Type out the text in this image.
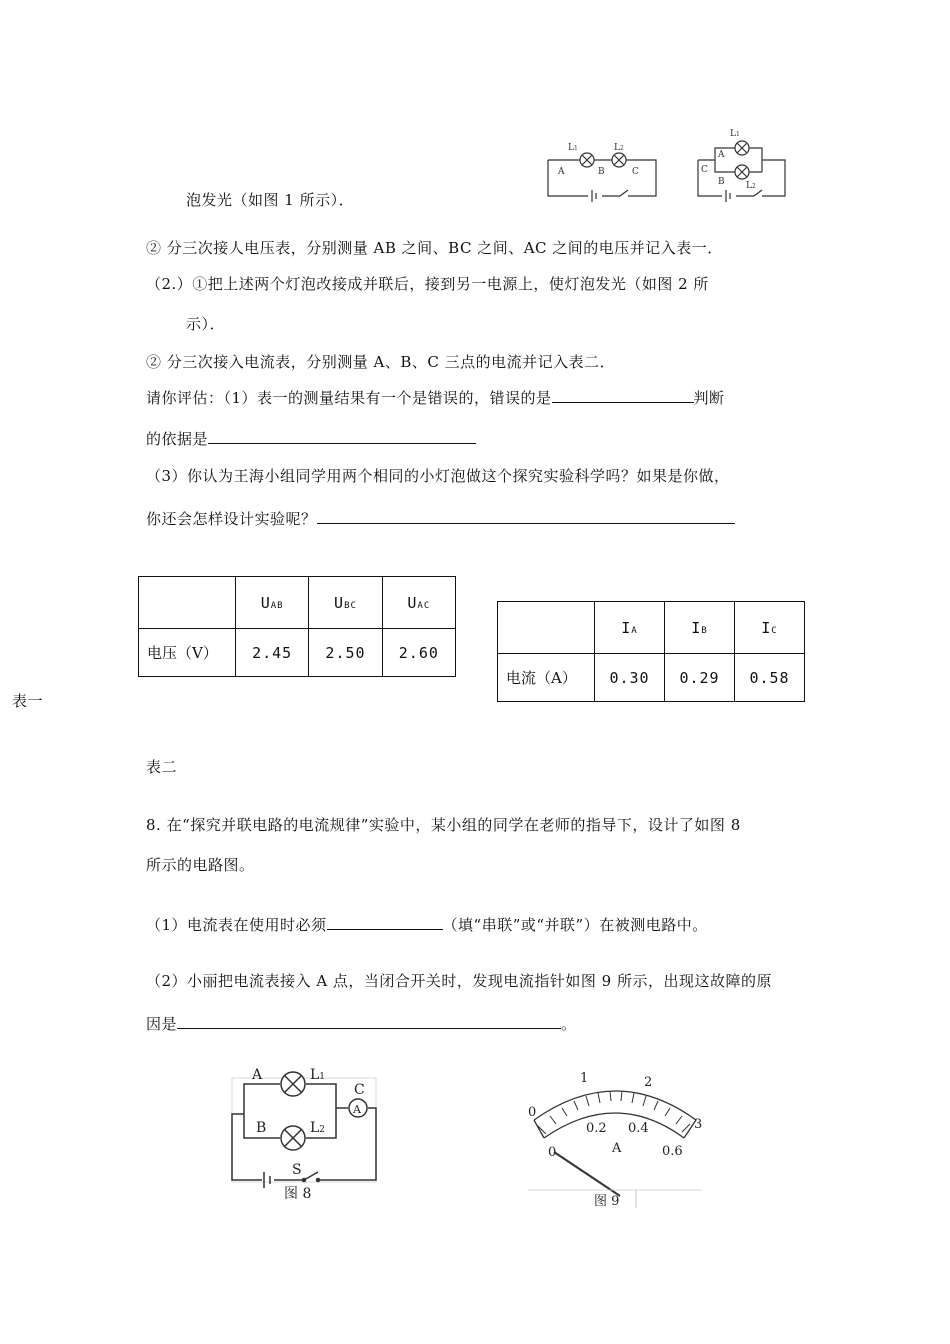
L1	L2
A	B	C
L1
A
C
B L2
泡发光（如图 1 所示）．
② 分三次接人电压表，分别测量 AB 之间、BC 之间、AC 之间的电压并记入表一．
（2.）①把上述两个灯泡改接成并联后，接到另一电源上，使灯泡发光（如图 2 所
示）．
② 分三次接入电流表，分别测量 A、B、C 三点的电流并记入表二．
请你评估：（1）表一的测量结果有一个是错误的，错误的是	判断
的依据是
（3）你认为王海小组同学用两个相同的小灯泡做这个探究实验科学吗？如果是你做，
你还会怎样设计实验呢？
	UAB	UBC	UAC
电压（V）	2.45	2.50	2.60
	IA	IB	IC
电流（A）	0.30	0.29	0.58
表一
表二
8. 在“探究并联电路的电流规律”实验中，某小组的同学在老师的指导下，设计了如图 8
所示的电路图。
（1）电流表在使用时必须	（填“串联”或“并联”）在被测电路中。
（2）小丽把电流表接入 A 点，当闭合开关时，发现电流指针如图 9 所示，出现这故障的原
因是	。
A	L1
C
A
B	L2
S
图 8
0
1	2
3
0
0.2 0.4
0.6
A
图 9
